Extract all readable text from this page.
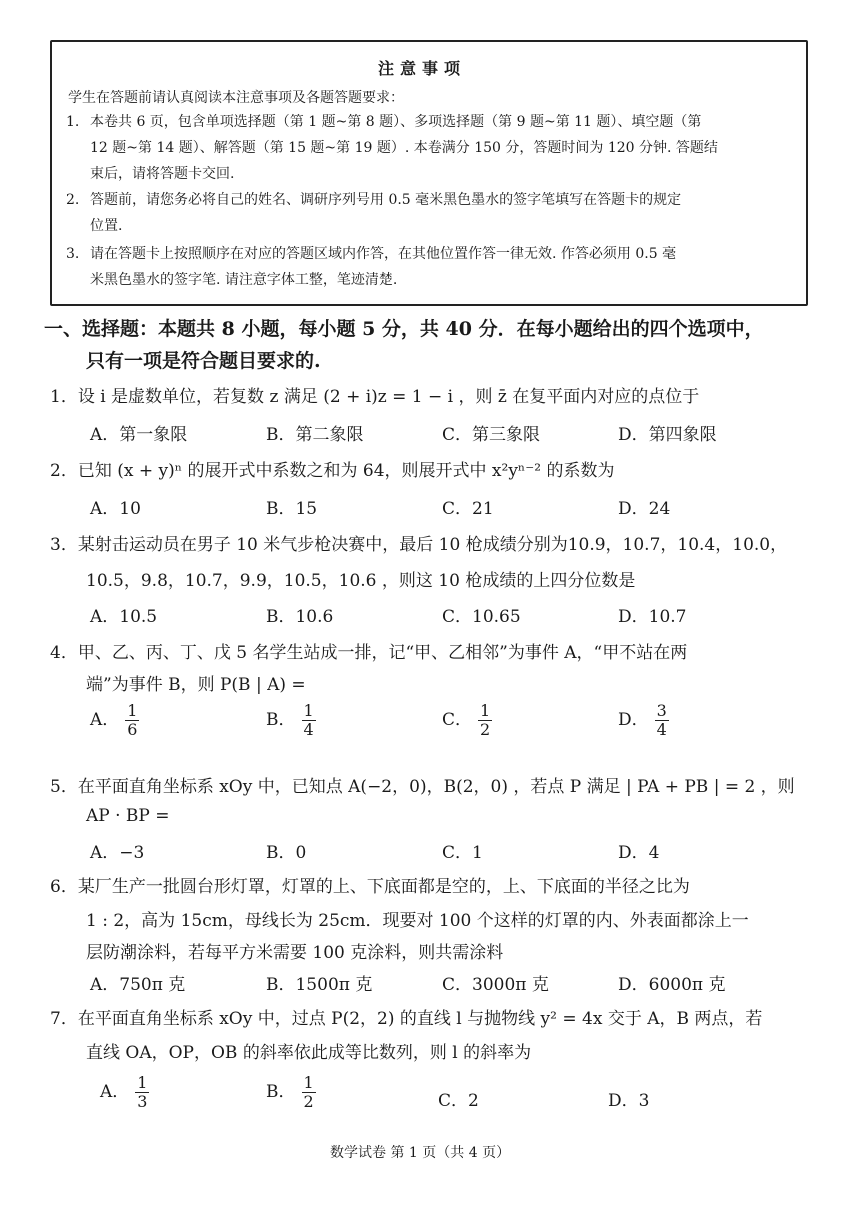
注意事项
学生在答题前请认真阅读本注意事项及各题答题要求：
1. 本卷共 6 页，包含单项选择题（第 1 题~第 8 题）、多项选择题（第 9 题~第 11 题）、填空题（第
12 题~第 14 题）、解答题（第 15 题~第 19 题）. 本卷满分 150 分，答题时间为 120 分钟. 答题结
束后，请将答题卡交回.
2. 答题前，请您务必将自己的姓名、调研序列号用 0.5 毫米黑色墨水的签字笔填写在答题卡的规定
位置.
3. 请在答题卡上按照顺序在对应的答题区域内作答，在其他位置作答一律无效. 作答必须用 0.5 毫
米黑色墨水的签字笔. 请注意字体工整，笔迹清楚.
一、选择题：本题共 8 小题，每小题 5 分，共 40 分．在每小题给出的四个选项中，
只有一项是符合题目要求的.
1．设 i 是虚数单位，若复数 z 满足 (2 + i)z = 1 − i ，则 z̄ 在复平面内对应的点位于
A．第一象限	B．第二象限	C．第三象限	D．第四象限
2．已知 (x + y)ⁿ 的展开式中系数之和为 64，则展开式中 x²yⁿ⁻² 的系数为
A．10	B．15	C．21	D．24
3．某射击运动员在男子 10 米气步枪决赛中，最后 10 枪成绩分别为10.9，10.7，10.4，10.0，
10.5，9.8，10.7，9.9，10.5，10.6 ，则这 10 枪成绩的上四分位数是
A．10.5	B．10.6	C．10.65	D．10.7
4．甲、乙、丙、丁、戊 5 名学生站成一排，记“甲、乙相邻”为事件 A，“甲不站在两
端”为事件 B，则 P(B | A) =
A． $\frac{1}{6}$	B． $\frac{1}{4}$	C． $\frac{1}{2}$	D． $\frac{3}{4}$
5．在平面直角坐标系 xOy 中，已知点 A(−2，0)，B(2，0) ，若点 P 满足 | PA + PB | = 2 ，则
AP · BP =
A．−3	B．0	C．1	D．4
6．某厂生产一批圆台形灯罩，灯罩的上、下底面都是空的，上、下底面的半径之比为
1 : 2，高为 15cm，母线长为 25cm．现要对 100 个这样的灯罩的内、外表面都涂上一
层防潮涂料，若每平方米需要 100 克涂料，则共需涂料
A．750π 克	B．1500π 克	C．3000π 克	D．6000π 克
7．在平面直角坐标系 xOy 中，过点 P(2，2) 的直线 l 与抛物线 y² = 4x 交于 A，B 两点，若
直线 OA，OP，OB 的斜率依此成等比数列，则 l 的斜率为
A． $\frac{1}{3}$	B． $\frac{1}{2}$	C．2	D．3
数学试卷 第 1 页（共 4 页）
